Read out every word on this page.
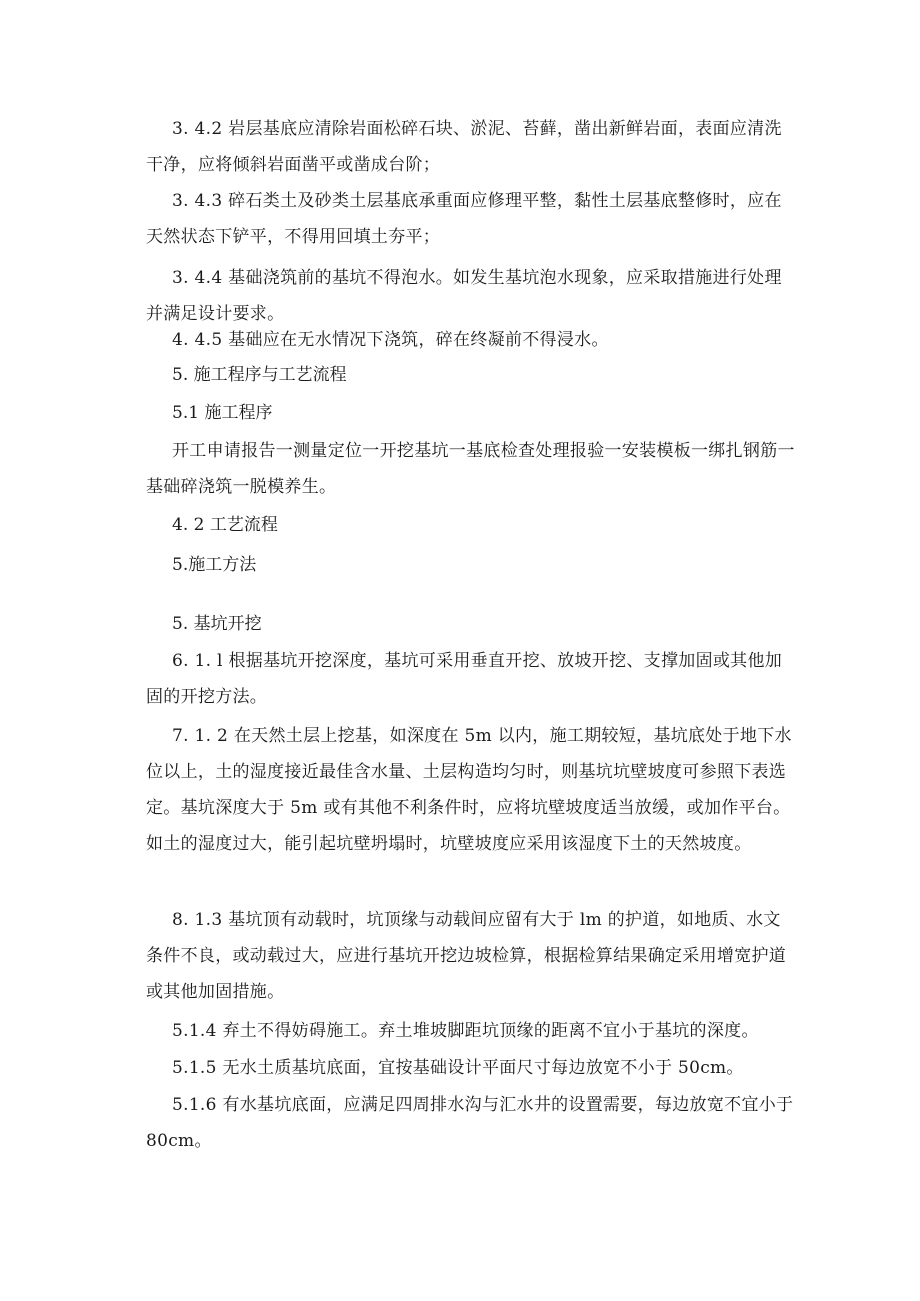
3. 4.2 岩层基底应清除岩面松碎石块、淤泥、苔藓，凿出新鲜岩面，表面应清洗干净，应将倾斜岩面凿平或凿成台阶；
3. 4.3 碎石类土及砂类土层基底承重面应修理平整，黏性土层基底整修时，应在天然状态下铲平，不得用回填土夯平；
3. 4.4 基础浇筑前的基坑不得泡水。如发生基坑泡水现象，应采取措施进行处理并满足设计要求。
4. 4.5 基础应在无水情况下浇筑，碎在终凝前不得浸水。
5. 施工程序与工艺流程
5.1 施工程序
开工申请报告一测量定位一开挖基坑一基底检查处理报验一安装模板一绑扎钢筋一基础碎浇筑一脱模养生。
4. 2 工艺流程
5.施工方法
5. 基坑开挖
6. 1. l 根据基坑开挖深度，基坑可采用垂直开挖、放坡开挖、支撑加固或其他加固的开挖方法。
7. 1. 2 在天然土层上挖基，如深度在 5m 以内，施工期较短，基坑底处于地下水位以上，土的湿度接近最佳含水量、土层构造均匀时，则基坑坑壁坡度可参照下表选定。基坑深度大于 5m 或有其他不利条件时，应将坑壁坡度适当放缓，或加作平台。如土的湿度过大，能引起坑壁坍塌时，坑壁坡度应采用该湿度下土的天然坡度。
8. 1.3 基坑顶有动载时，坑顶缘与动载间应留有大于 lm 的护道，如地质、水文条件不良，或动载过大，应进行基坑开挖边坡检算，根据检算结果确定采用增宽护道或其他加固措施。
5.1.4 弃土不得妨碍施工。弃土堆坡脚距坑顶缘的距离不宜小于基坑的深度。
5.1.5 无水土质基坑底面，宜按基础设计平面尺寸每边放宽不小于 50cm。
5.1.6 有水基坑底面，应满足四周排水沟与汇水井的设置需要，每边放宽不宜小于 80cm。
